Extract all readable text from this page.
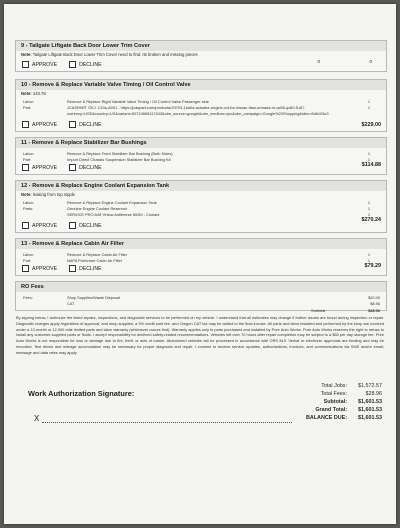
9 - Tailgate Liftgate Back Door Lower Trim Cover
Note: Tailgate Liftgate Back Door Lower Trim Cover need to find. Its broken and missing pieces
0	0
APPROVE	DECLINE
10 - Remove & Replace Variable Valve Timing / Oil Control Valve
Note: 143.78
Labor:	Remove & Replace Right Variable Valve Timing / Oil Control Valve Passenger side	1
Part:	JCASPART OKJ: C10s-A001 - https://jcaspart.com/products/23703-1ba0a-actuator-engine-vvt-for-nissan-titan-armada-m-qx56-qx80-5-6l?	1
currency=USD&country=US&variant=50710865117433&utm_source=google&utm_medium=cpc&utm_campaign=Google%20Shopping&stkn=8db103c9
$229.00
APPROVE	DECLINE
11 - Remove & Replace Stabilizer Bar Bushings
Labor:	Remove & Replace Front Stabilizer Bar Bushing (Both Sides)	1
Part:	Import Direct Chassis Suspension Stabilizer Bar Bushing Kit	1
$114.88
APPROVE	DECLINE
12 - Remove & Replace Engine Coolant Expansion Tank
Note: leaking from top nipple
Labor:	Remove & Replace Engine Coolant Expansion Tank	1
Parts:	Genuine Engine Coolant Reservoir	1
SERVICE PRO A/M Yellow Antifreeze 50/50 - Coolant	1
$270.24
APPROVE	DECLINE
13 - Remove & Replace Cabin Air Filter
Labor:	Remove & Replace Cabin Air Filter	1
Part:	NAPA Proformer Cabin Air Filter	1
$79.29
APPROVE	DECLINE
RO Fees
Fees:	Shop Supplies/Waste Disposal	$20.00
CAT	$8.96
Subtotal	$28.96
By signing below, I authorize the listed repairs, inspections, and diagnostic services to be performed on my vehicle. I understand that all estimates may change if further issues are found during inspection or repair. Diagnostic charges apply regardless of approval, and shop supplies, a 3% credit card fee, and Oregon CAT tax may be added to the final invoice. All parts and labor installed and performed by the shop are covered under a 12-month or 12,000-mile limited parts and labor warranty (whichever occurs first). Warranty applies only to parts purchased and installed by Pure Auto Works. Pure Auto Works reserves the right to refuse to install any customer-supplied parts or fluids. I accept responsibility for declined safety-related recommendations. Vehicles left over 72 hours after repair completion may be subject to a $50 per day storage fee. Pure Auto Works is not responsible for loss or damage due to fire, theft, or acts of nature. Abandoned vehicles will be processed in accordance with ORS 819. Verbal or electronic approvals are binding and may be recorded. Test drives and mileage accumulation may be necessary for proper diagnosis and repair. I consent to receive service updates, authorizations, invoices, and communications via SMS and/or email; message and data rates may apply.
Work Authorization Signature:
X
Total Jobs:	$1,572.57
Total Fees:	$28.96
Subtotal:	$1,601.53
Grand Total:	$1,601.53
BALANCE DUE:	$1,601.53
